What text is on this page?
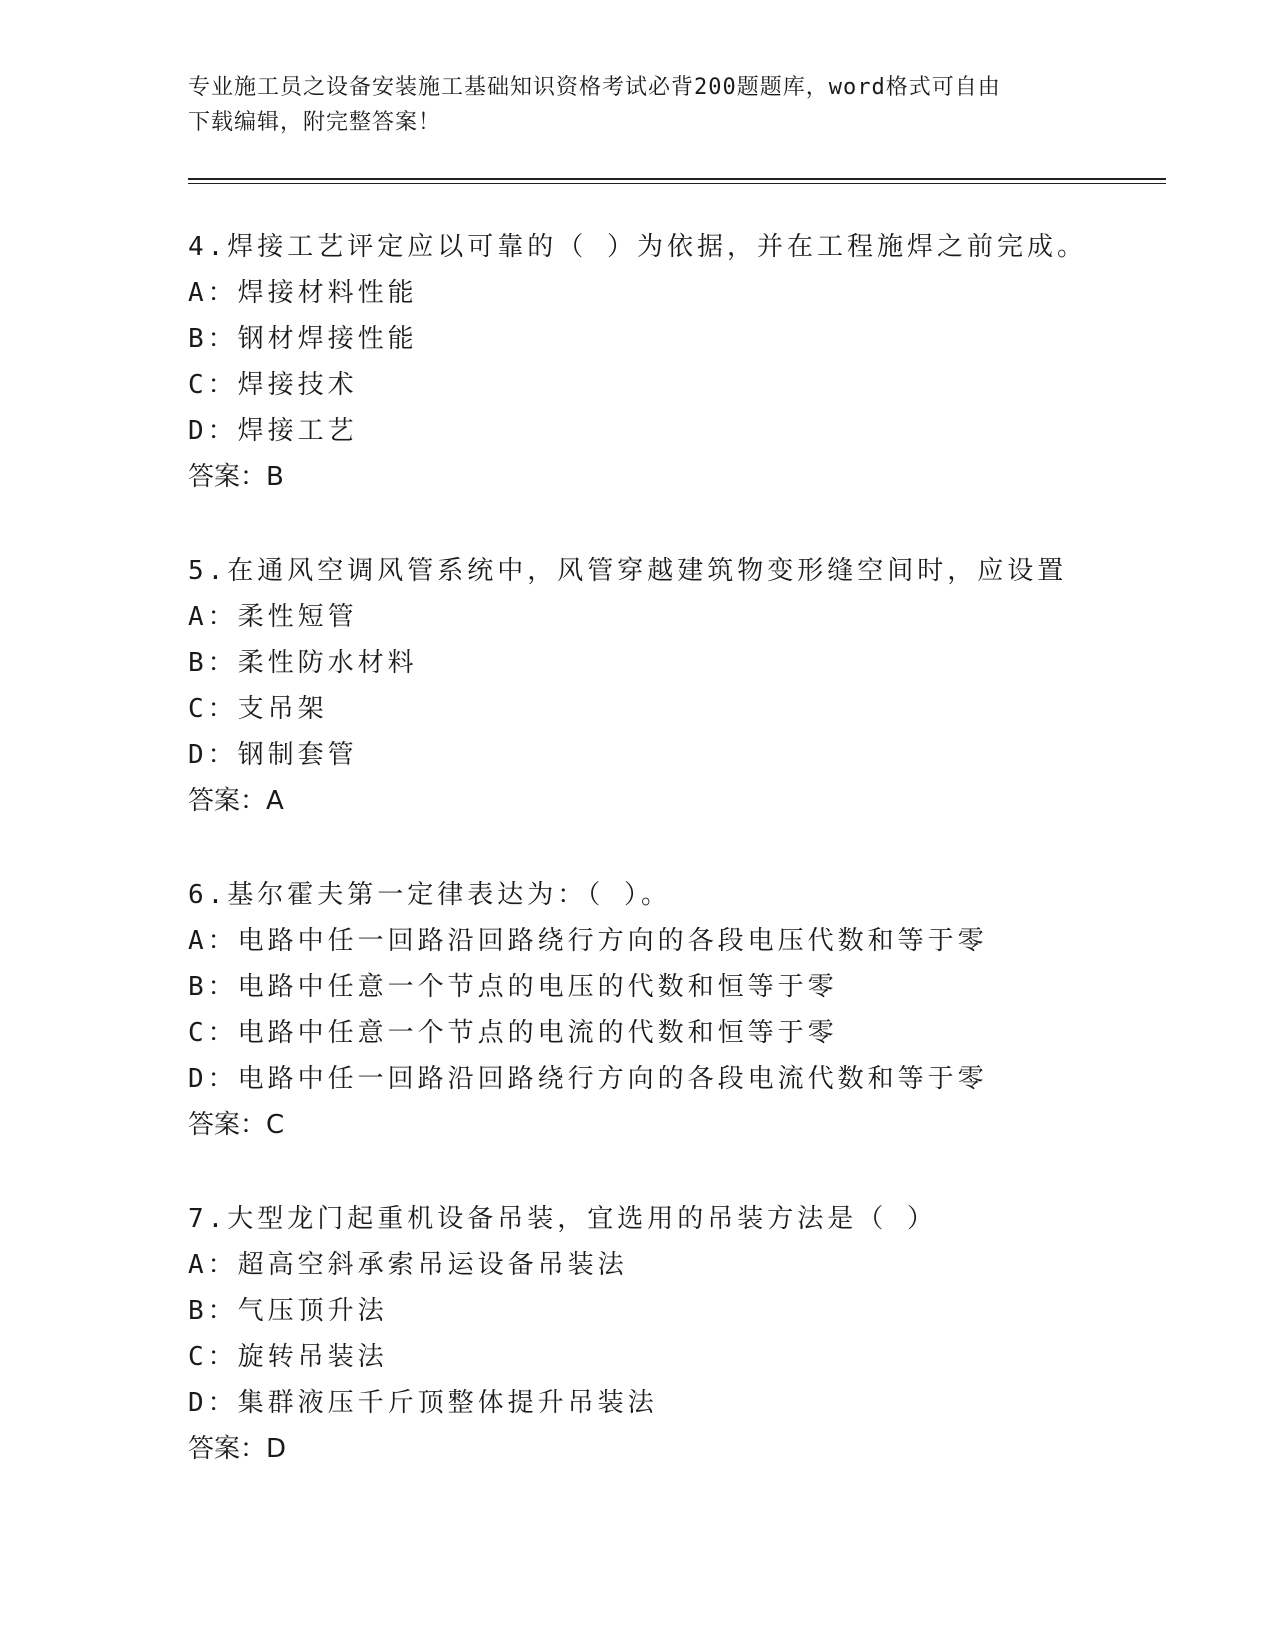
专业施工员之设备安装施工基础知识资格考试必背200题题库，word格式可自由
下载编辑，附完整答案！
4.焊接工艺评定应以可靠的（ ）为依据，并在工程施焊之前完成。
A：焊接材料性能
B：钢材焊接性能
C：焊接技术
D：焊接工艺
答案：B
5.在通风空调风管系统中，风管穿越建筑物变形缝空间时，应设置
A：柔性短管
B：柔性防水材料
C：支吊架
D：钢制套管
答案：A
6.基尔霍夫第一定律表达为：（ ）。
A：电路中任一回路沿回路绕行方向的各段电压代数和等于零
B：电路中任意一个节点的电压的代数和恒等于零
C：电路中任意一个节点的电流的代数和恒等于零
D：电路中任一回路沿回路绕行方向的各段电流代数和等于零
答案：C
7.大型龙门起重机设备吊装，宜选用的吊装方法是（ ）
A：超高空斜承索吊运设备吊装法
B：气压顶升法
C：旋转吊装法
D：集群液压千斤顶整体提升吊装法
答案：D
